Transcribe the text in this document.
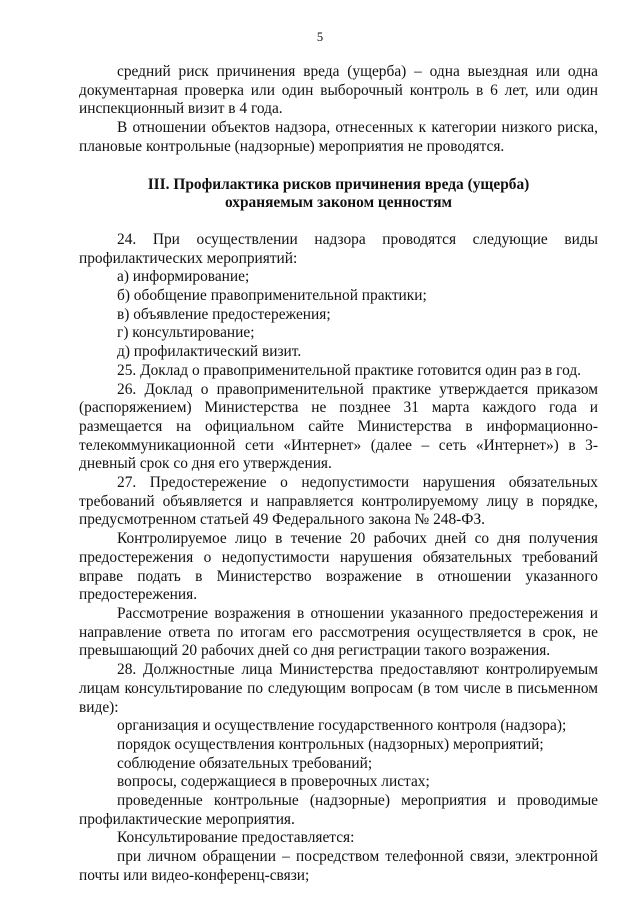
5

средний риск причинения вреда (ущерба) – одна выездная или одна документарная проверка или один выборочный контроль в 6 лет, или один инспекционный визит в 4 года.

В отношении объектов надзора, отнесенных к категории низкого риска, плановые контрольные (надзорные) мероприятия не проводятся.

III. Профилактика рисков причинения вреда (ущерба)

охраняемым законом ценностям

24. При осуществлении надзора проводятся следующие виды профилактических мероприятий:

а) информирование;

б) обобщение правоприменительной практики;

в) объявление предостережения;

г) консультирование;

д) профилактический визит.

25. Доклад о правоприменительной практике готовится один раз в год.

26. Доклад о правоприменительной практике утверждается приказом (распоряжением) Министерства не позднее 31 марта каждого года и размещается на официальном сайте Министерства в информационно-телекоммуникационной сети «Интернет» (далее – сеть «Интернет») в 3-дневный срок со дня его утверждения.

27. Предостережение о недопустимости нарушения обязательных требований объявляется и направляется контролируемому лицу в порядке, предусмотренном статьей 49 Федерального закона № 248-ФЗ.

Контролируемое лицо в течение 20 рабочих дней со дня получения предостережения о недопустимости нарушения обязательных требований вправе подать в Министерство возражение в отношении указанного предостережения.

Рассмотрение возражения в отношении указанного предостережения и направление ответа по итогам его рассмотрения осуществляется в срок, не превышающий 20 рабочих дней со дня регистрации такого возражения.

28. Должностные лица Министерства предоставляют контролируемым лицам консультирование по следующим вопросам (в том числе в письменном виде):

организация и осуществление государственного контроля (надзора);

порядок осуществления контрольных (надзорных) мероприятий;

соблюдение обязательных требований;

вопросы, содержащиеся в проверочных листах;

проведенные контрольные (надзорные) мероприятия и проводимые профилактические мероприятия.

Консультирование предоставляется:

при личном обращении – посредством телефонной связи, электронной почты или видео-конференц-связи;
